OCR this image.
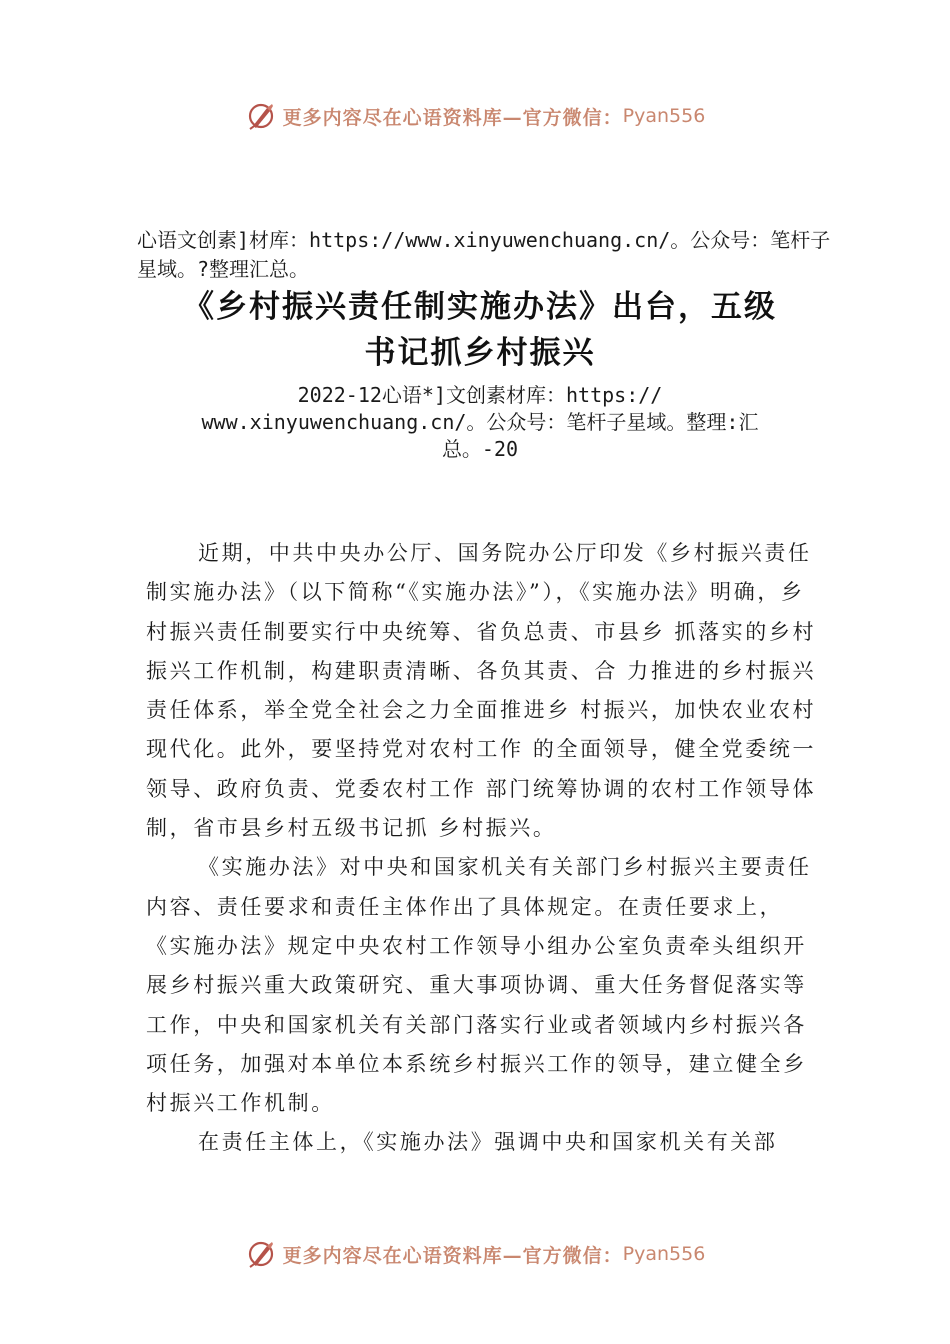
更多内容尽在心语资料库—官方微信： Pyan556

心语文创素]材库：https://www.xinyuwenchuang.cn/。公众号：笔杆子星域。?整理汇总。

《乡村振兴责任制实施办法》出台，五级
书记抓乡村振兴
2022-12心语*]文创素材库：https://
www.xinyuwenchuang.cn/。公众号：笔杆子星域。整理:汇
总。-20

近期，中共中央办公厅、国务院办公厅印发《乡村振兴责任制实施办法》（以下简称“《实施办法》”），《实施办法》明确，乡村振兴责任制要实行中央统筹、省负总责、市县乡 抓落实的乡村振兴工作机制，构建职责清晰、各负其责、合 力推进的乡村振兴责任体系，举全党全社会之力全面推进乡 村振兴，加快农业农村现代化。此外，要坚持党对农村工作 的全面领导，健全党委统一领导、政府负责、党委农村工作 部门统筹协调的农村工作领导体制，省市县乡村五级书记抓 乡村振兴。

《实施办法》对中央和国家机关有关部门乡村振兴主要责任内容、责任要求和责任主体作出了具体规定。在责任要求上，《实施办法》规定中央农村工作领导小组办公室负责牵头组织开展乡村振兴重大政策研究、重大事项协调、重大任务督促落实等工作，中央和国家机关有关部门落实行业或者领域内乡村振兴各项任务，加强对本单位本系统乡村振兴工作的领导，建立健全乡村振兴工作机制。

在责任主体上，《实施办法》强调中央和国家机关有关部

更多内容尽在心语资料库—官方微信： Pyan556
